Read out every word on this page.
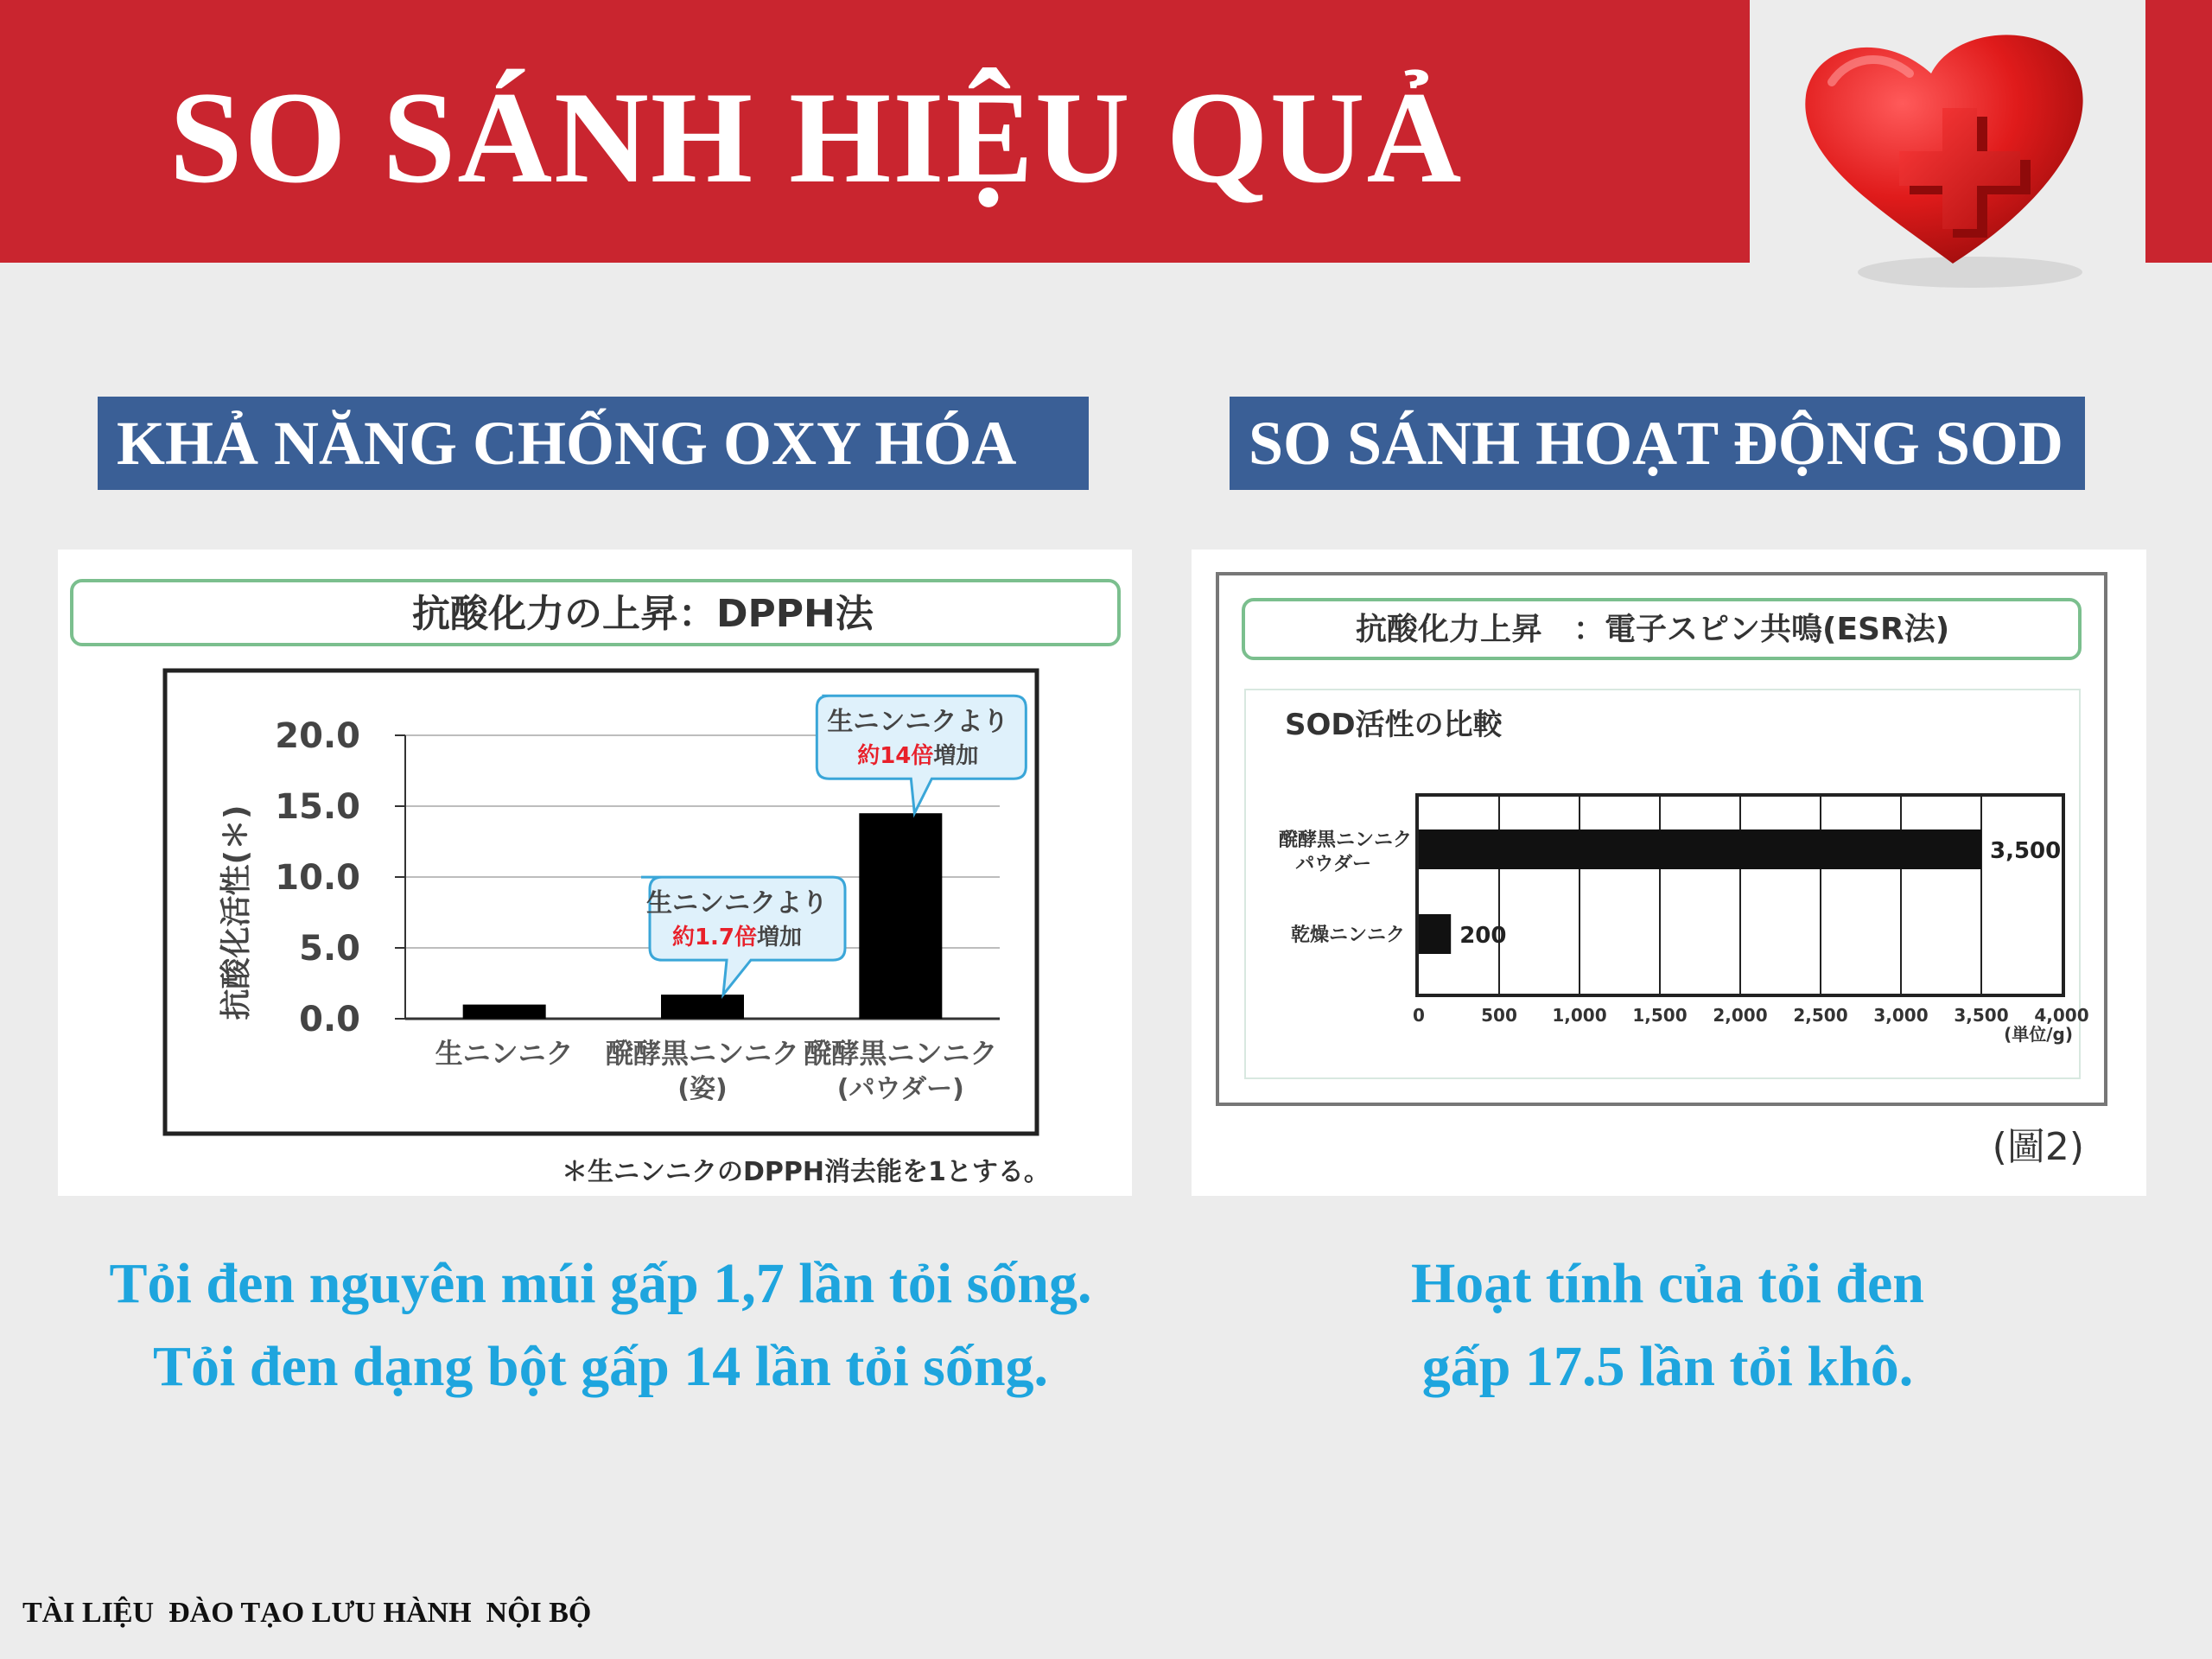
SO SÁNH HIỆU QUẢ
KHẢ NĂNG CHỐNG OXY HÓA	SO SÁNH HOẠT ĐỘNG SOD
抗酸化力の上昇：DPPH法
抗酸化活性(＊)
20.0
15.0
10.0
5.0
0.0
生ニンニク 醗酵黒ニンニク
(姿)
醗酵黒ニンニク
(パウダー)
生ニンニクより
約1.7倍増加
生ニンニクより
約14倍増加
＊生ニンニクのDPPH消去能を1とする。
抗酸化力上昇　：電子スピン共鳴(ESR法)
SOD活性の比較
3,500
200
醗酵黒ニンニク
パウダー
乾燥ニンニク
0	500 1,000 1,500 2,000 2,500 3,000 3,500 4,000
(単位/g)
(圖2)
Tỏi đen nguyên múi gấp 1,7 lần tỏi sống.
Tỏi đen dạng bột gấp 14 lần tỏi sống.
Hoạt tính của tỏi đen
gấp 17.5 lần tỏi khô.
TÀI LIỆU  ĐÀO TẠO LƯU HÀNH  NỘI BỘ
